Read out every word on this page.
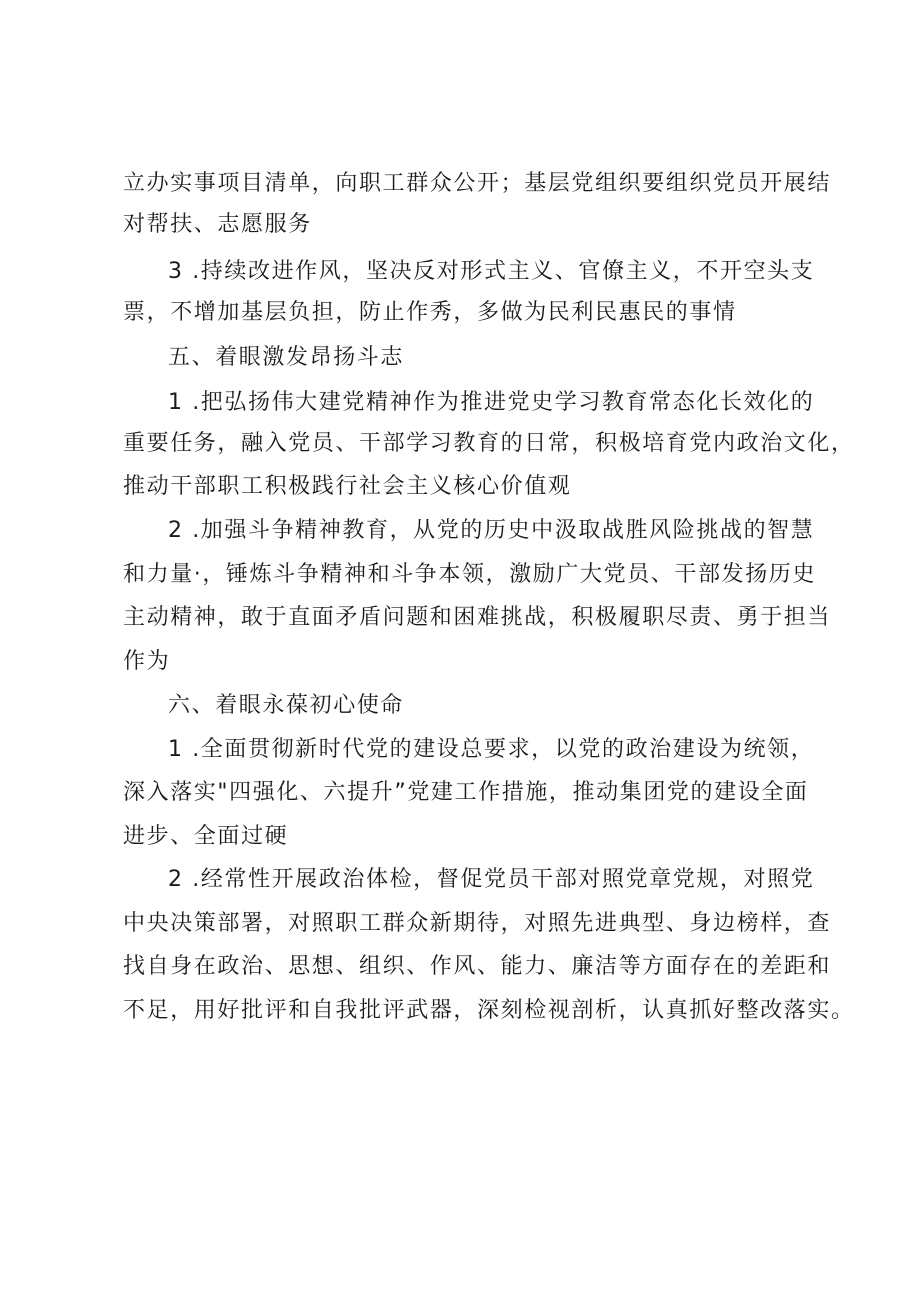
立办实事项目清单，向职工群众公开；基层党组织要组织党员开展结
对帮扶、志愿服务
3 .持续改进作风，坚决反对形式主义、官僚主义，不开空头支
票，不增加基层负担，防止作秀，多做为民利民惠民的事情
五、着眼激发昂扬斗志
1 .把弘扬伟大建党精神作为推进党史学习教育常态化长效化的
重要任务，融入党员、干部学习教育的日常，积极培育党内政治文化，
推动干部职工积极践行社会主义核心价值观
2 .加强斗争精神教育，从党的历史中汲取战胜风险挑战的智慧
和力量·，锤炼斗争精神和斗争本领，激励广大党员、干部发扬历史
主动精神，敢于直面矛盾问题和困难挑战，积极履职尽责、勇于担当
作为
六、着眼永葆初心使命
1 .全面贯彻新时代党的建设总要求，以党的政治建设为统领，
深入落实"四强化、六提升”党建工作措施，推动集团党的建设全面
进步、全面过硬
2 .经常性开展政治体检，督促党员干部对照党章党规，对照党
中央决策部署，对照职工群众新期待，对照先进典型、身边榜样，查
找自身在政治、思想、组织、作风、能力、廉洁等方面存在的差距和
不足，用好批评和自我批评武器，深刻检视剖析，认真抓好整改落实。
